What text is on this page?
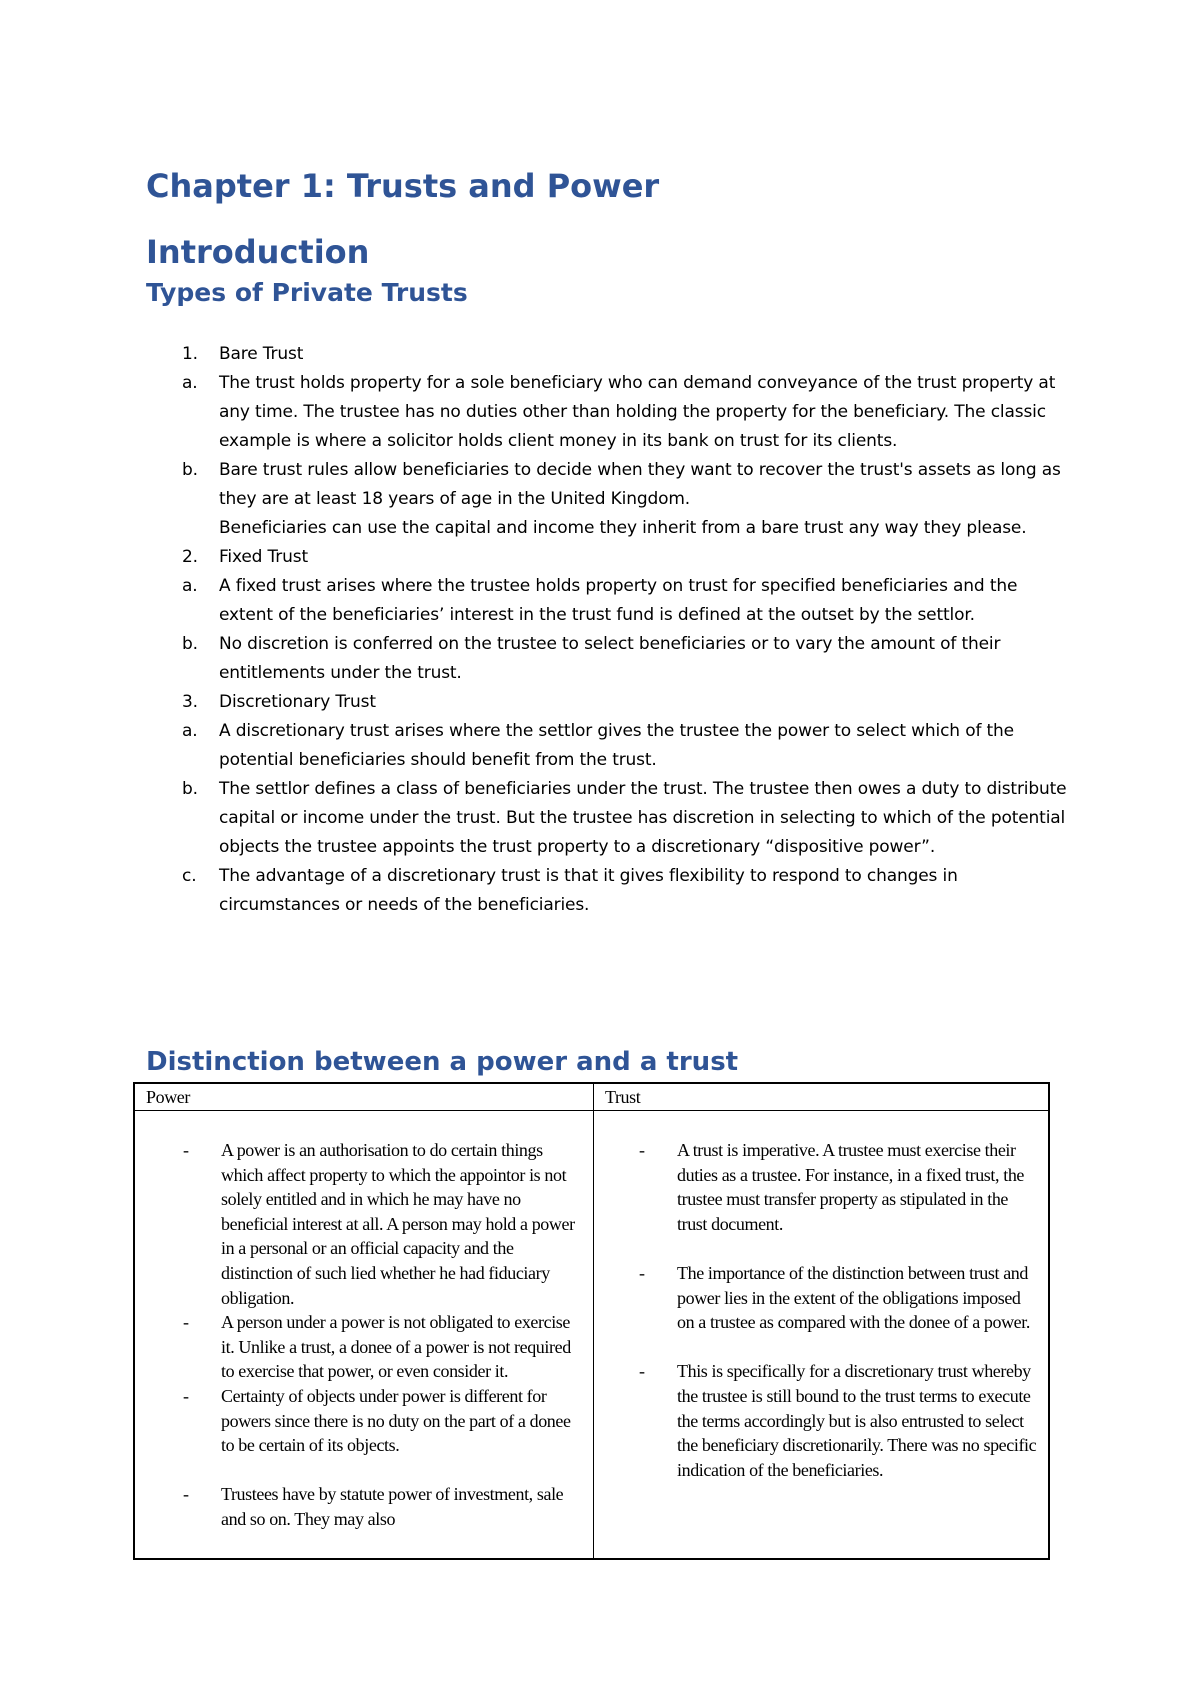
Chapter 1: Trusts and Power
Introduction
Types of Private Trusts
1. Bare Trust
a. The trust holds property for a sole beneficiary who can demand conveyance of the trust property at any time. The trustee has no duties other than holding the property for the beneficiary. The classic example is where a solicitor holds client money in its bank on trust for its clients.
b. Bare trust rules allow beneficiaries to decide when they want to recover the trust's assets as long as they are at least 18 years of age in the United Kingdom.
Beneficiaries can use the capital and income they inherit from a bare trust any way they please.
2. Fixed Trust
a. A fixed trust arises where the trustee holds property on trust for specified beneficiaries and the extent of the beneficiaries’ interest in the trust fund is defined at the outset by the settlor.
b. No discretion is conferred on the trustee to select beneficiaries or to vary the amount of their entitlements under the trust.
3. Discretionary Trust
a. A discretionary trust arises where the settlor gives the trustee the power to select which of the potential beneficiaries should benefit from the trust.
b. The settlor defines a class of beneficiaries under the trust. The trustee then owes a duty to distribute capital or income under the trust. But the trustee has discretion in selecting to which of the potential objects the trustee appoints the trust property to a discretionary “dispositive power”.
c. The advantage of a discretionary trust is that it gives flexibility to respond to changes in circumstances or needs of the beneficiaries.
Distinction between a power and a trust
Power
- A power is an authorisation to do certain things which affect property to which the appointor is not solely entitled and in which he may have no beneficial interest at all. A person may hold a power in a personal or an official capacity and the distinction of such lied whether he had fiduciary obligation.
- A person under a power is not obligated to exercise it. Unlike a trust, a donee of a power is not required to exercise that power, or even consider it.
- Certainty of objects under power is different for powers since there is no duty on the part of a donee to be certain of its objects.
- Trustees have by statute power of investment, sale and so on. They may also
Trust
- A trust is imperative. A trustee must exercise their duties as a trustee. For instance, in a fixed trust, the trustee must transfer property as stipulated in the trust document.
- The importance of the distinction between trust and power lies in the extent of the obligations imposed on a trustee as compared with the donee of a power.
- This is specifically for a discretionary trust whereby the trustee is still bound to the trust terms to execute the terms accordingly but is also entrusted to select the beneficiary discretionarily. There was no specific indication of the beneficiaries.
